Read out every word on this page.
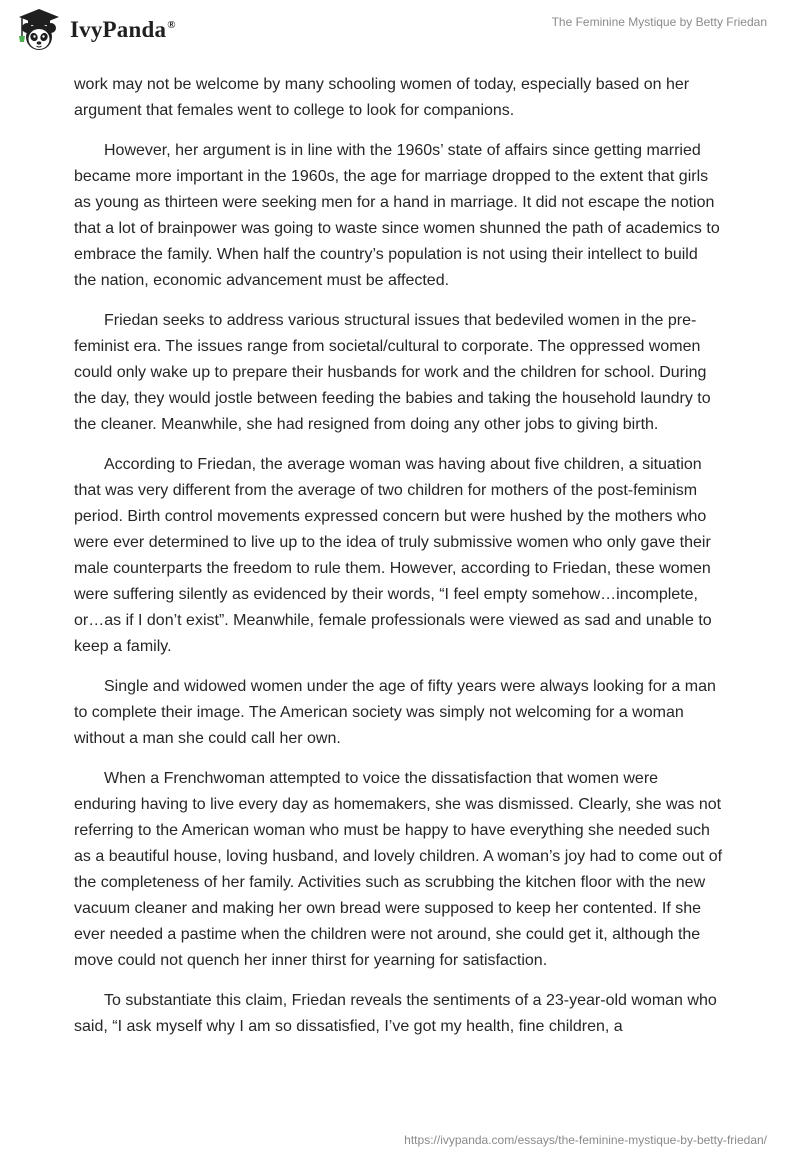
IvyPanda ®	The Feminine Mystique by Betty Friedan

work may not be welcome by many schooling women of today, especially based on her argument that females went to college to look for companions.

However, her argument is in line with the 1960s’ state of affairs since getting married became more important in the 1960s, the age for marriage dropped to the extent that girls as young as thirteen were seeking men for a hand in marriage. It did not escape the notion that a lot of brainpower was going to waste since women shunned the path of academics to embrace the family. When half the country’s population is not using their intellect to build the nation, economic advancement must be affected.

Friedan seeks to address various structural issues that bedeviled women in the pre-feminist era. The issues range from societal/cultural to corporate. The oppressed women could only wake up to prepare their husbands for work and the children for school. During the day, they would jostle between feeding the babies and taking the household laundry to the cleaner. Meanwhile, she had resigned from doing any other jobs to giving birth.

According to Friedan, the average woman was having about five children, a situation that was very different from the average of two children for mothers of the post-feminism period. Birth control movements expressed concern but were hushed by the mothers who were ever determined to live up to the idea of truly submissive women who only gave their male counterparts the freedom to rule them. However, according to Friedan, these women were suffering silently as evidenced by their words, “I feel empty somehow…incomplete, or…as if I don’t exist”. Meanwhile, female professionals were viewed as sad and unable to keep a family.

Single and widowed women under the age of fifty years were always looking for a man to complete their image. The American society was simply not welcoming for a woman without a man she could call her own.

When a Frenchwoman attempted to voice the dissatisfaction that women were enduring having to live every day as homemakers, she was dismissed. Clearly, she was not referring to the American woman who must be happy to have everything she needed such as a beautiful house, loving husband, and lovely children. A woman’s joy had to come out of the completeness of her family. Activities such as scrubbing the kitchen floor with the new vacuum cleaner and making her own bread were supposed to keep her contented. If she ever needed a pastime when the children were not around, she could get it, although the move could not quench her inner thirst for yearning for satisfaction.

To substantiate this claim, Friedan reveals the sentiments of a 23-year-old woman who said, “I ask myself why I am so dissatisfied, I’ve got my health, fine children, a

https://ivypanda.com/essays/the-feminine-mystique-by-betty-friedan/
